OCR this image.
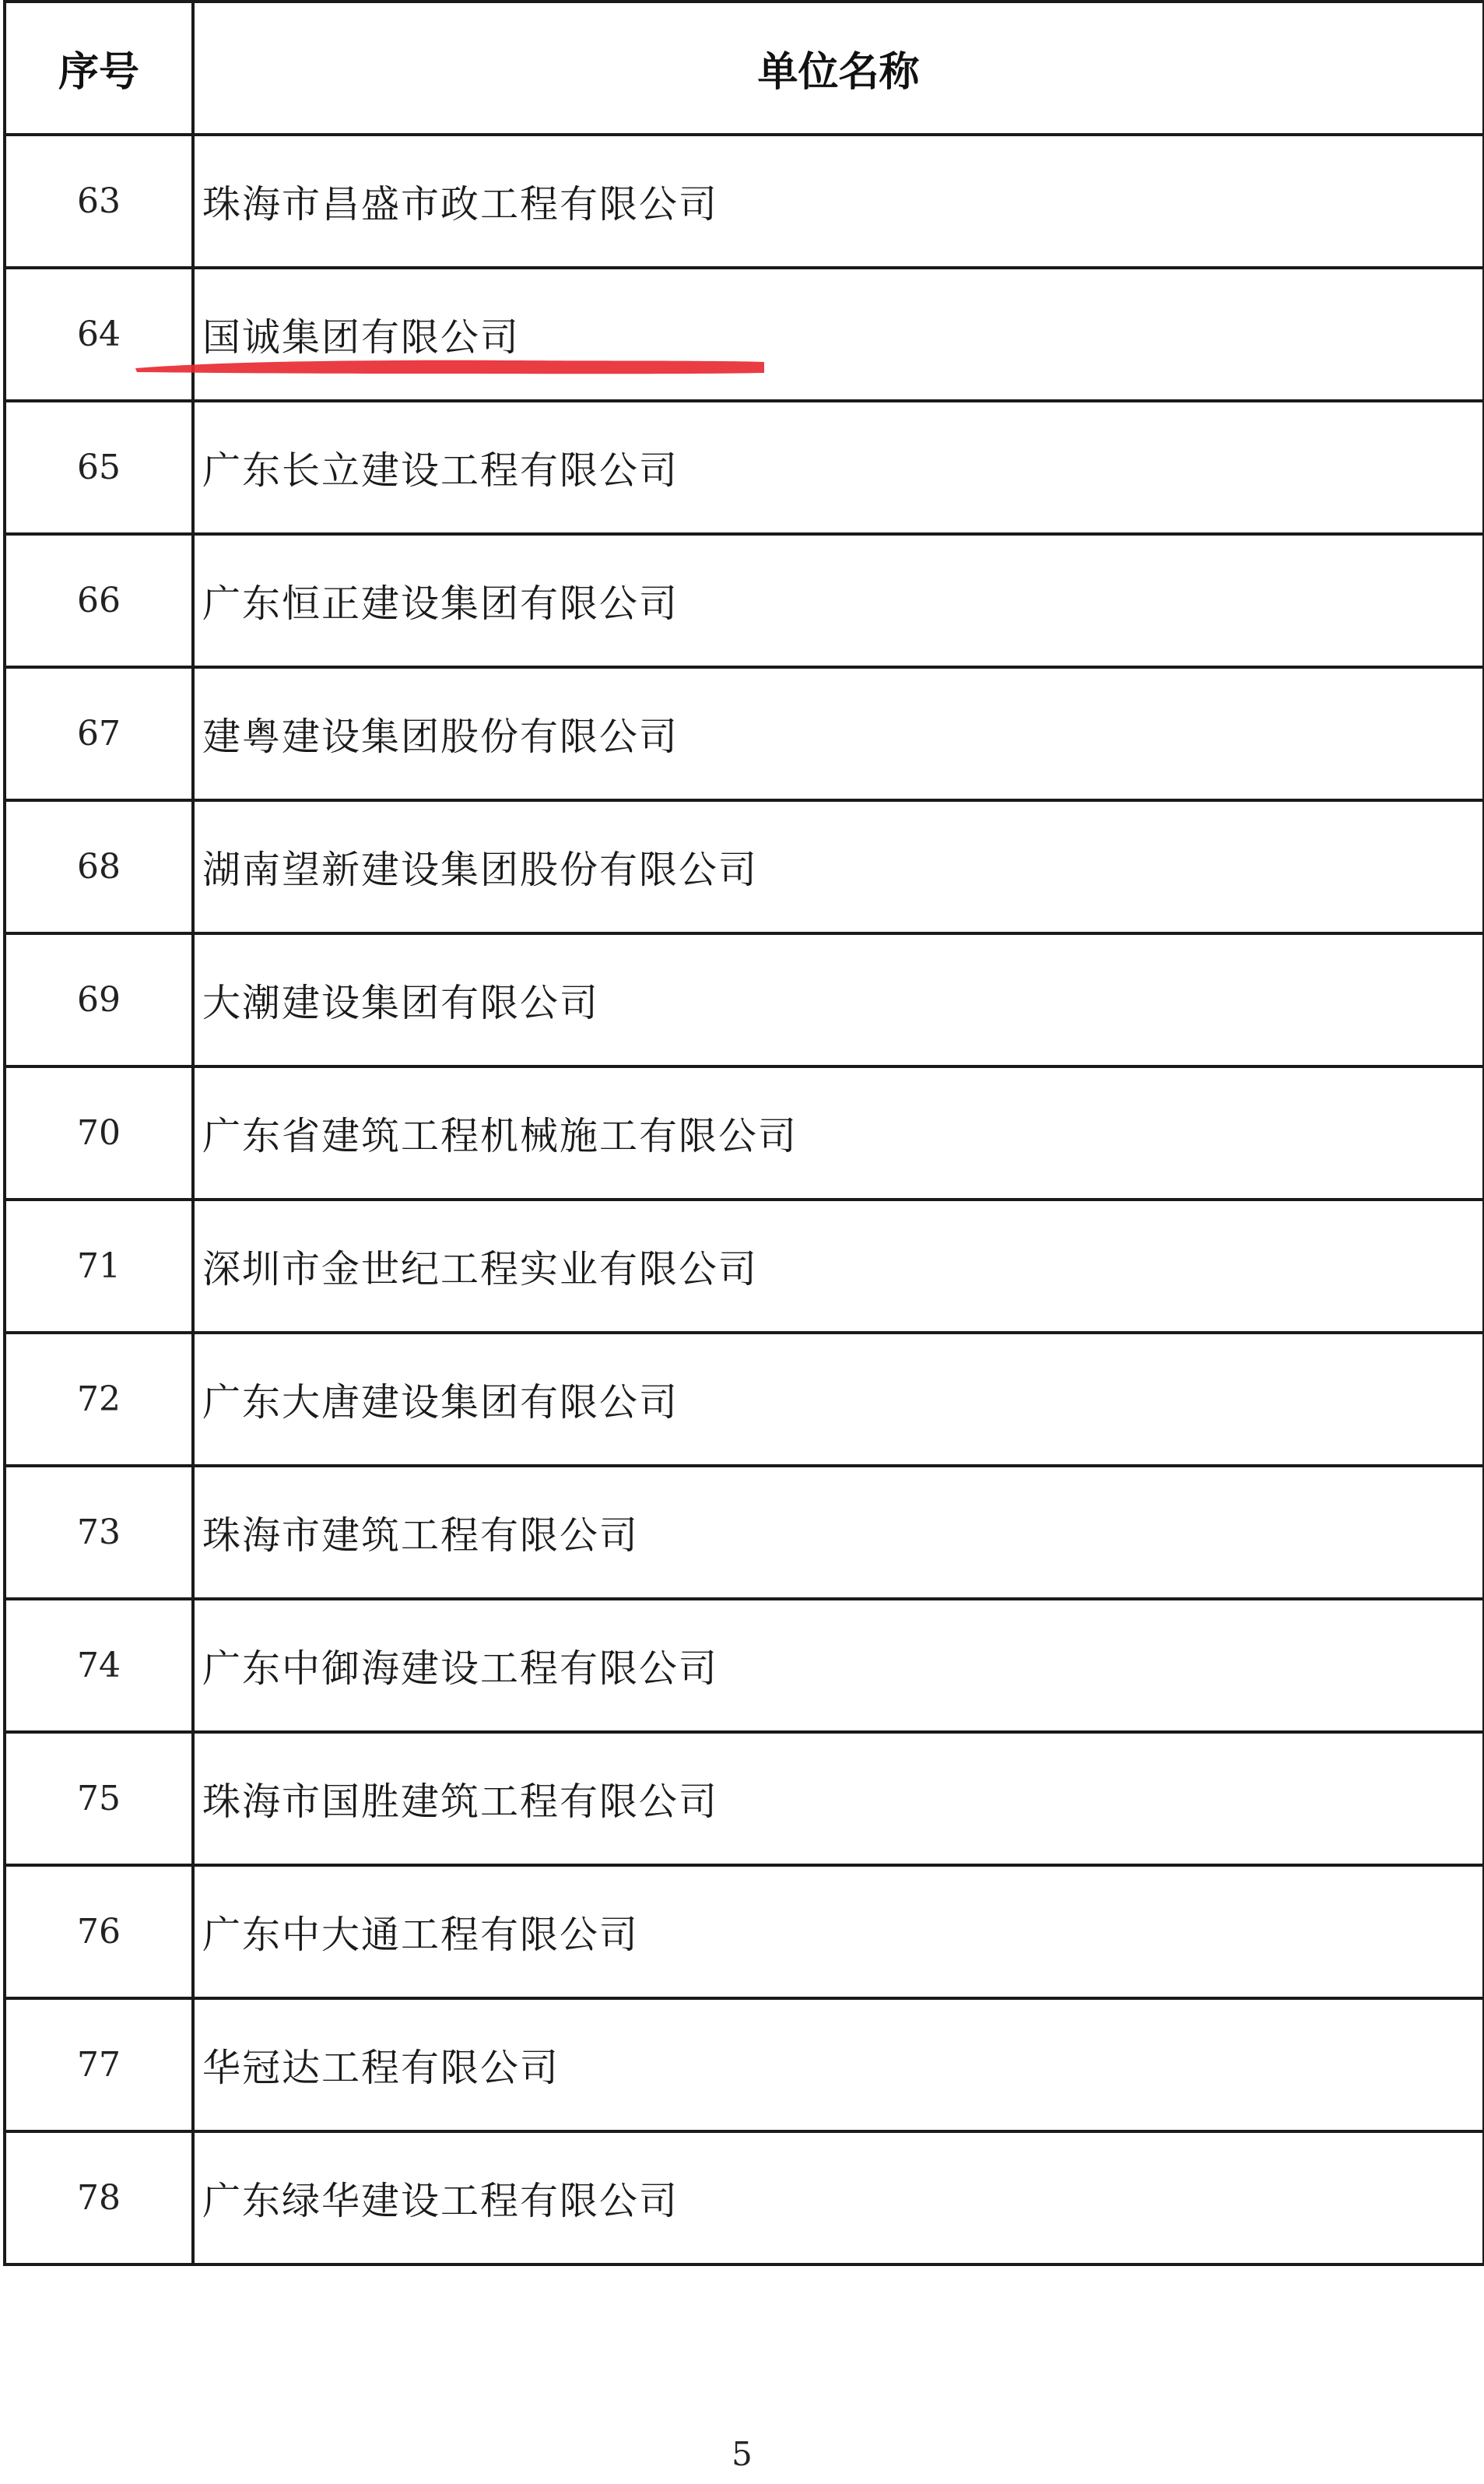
序号	单位名称
63	珠海市昌盛市政工程有限公司
64	国诚集团有限公司

65	广东长立建设工程有限公司
66	广东恒正建设集团有限公司
67	建粤建设集团股份有限公司
68	湖南望新建设集团股份有限公司
69	大潮建设集团有限公司
70	广东省建筑工程机械施工有限公司
71	深圳市金世纪工程实业有限公司
72	广东大唐建设集团有限公司
73	珠海市建筑工程有限公司
74	广东中御海建设工程有限公司
75	珠海市国胜建筑工程有限公司
76	广东中大通工程有限公司
77	华冠达工程有限公司
78	广东绿华建设工程有限公司
5
